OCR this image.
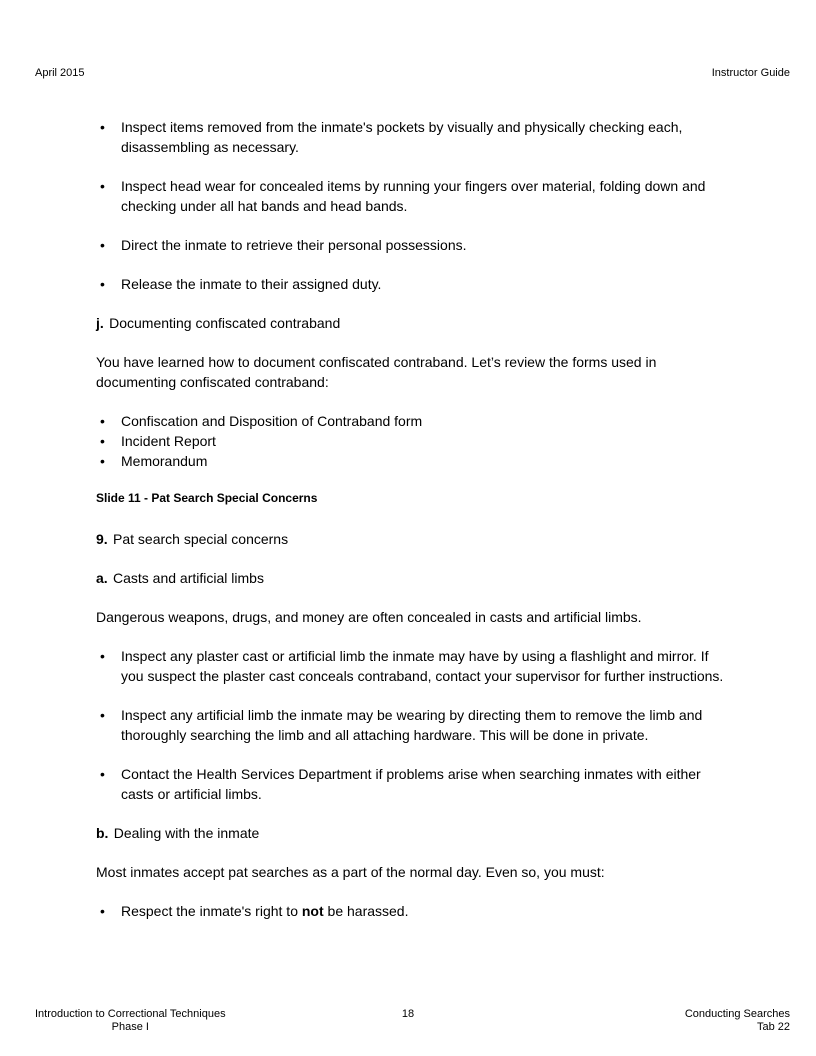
April 2015	Instructor Guide
• Inspect items removed from the inmate's pockets by visually and physically checking each, disassembling as necessary.
• Inspect head wear for concealed items by running your fingers over material, folding down and checking under all hat bands and head bands.
• Direct the inmate to retrieve their personal possessions.
• Release the inmate to their assigned duty.

j. Documenting confiscated contraband

You have learned how to document confiscated contraband. Let’s review the forms used in documenting confiscated contraband:

• Confiscation and Disposition of Contraband form
• Incident Report
• Memorandum

Slide 11 - Pat Search Special Concerns

9. Pat search special concerns

a. Casts and artificial limbs

Dangerous weapons, drugs, and money are often concealed in casts and artificial limbs.

• Inspect any plaster cast or artificial limb the inmate may have by using a flashlight and mirror. If you suspect the plaster cast conceals contraband, contact your supervisor for further instructions.
• Inspect any artificial limb the inmate may be wearing by directing them to remove the limb and thoroughly searching the limb and all attaching hardware. This will be done in private.
• Contact the Health Services Department if problems arise when searching inmates with either casts or artificial limbs.

b. Dealing with the inmate

Most inmates accept pat searches as a part of the normal day. Even so, you must:

• Respect the inmate's right to not be harassed.
Introduction to Correctional Techniques
Phase I
18	Conducting Searches
Tab 22
